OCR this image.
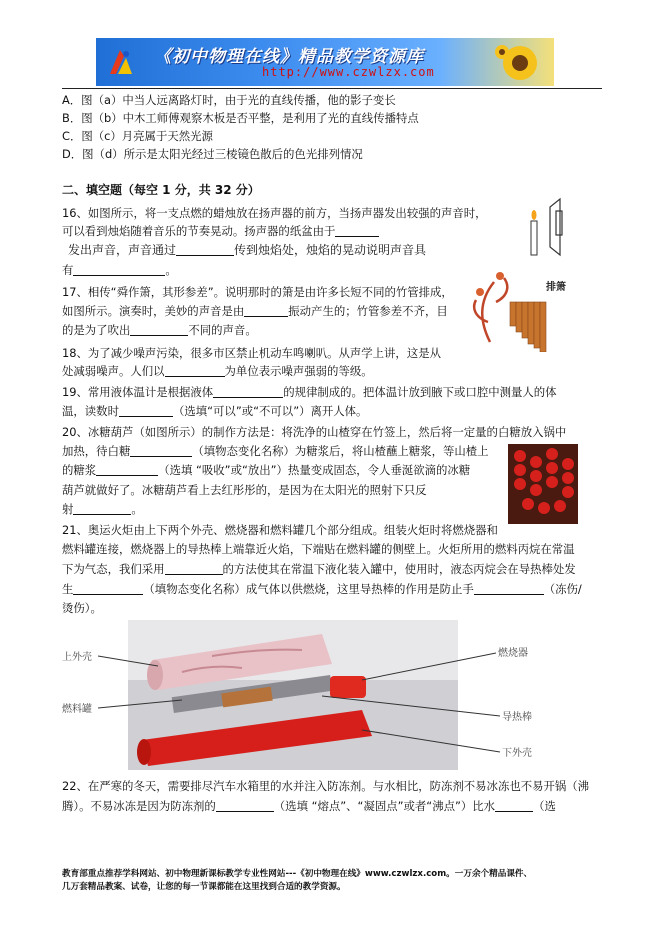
《初中物理在线》精品教学资源库
http://www.czwlzx.com
A．图（a）中当人远离路灯时，由于光的直线传播，他的影子变长
B．图（b）中木工师傅观察木板是否平整，是利用了光的直线传播特点
C．图（c）月亮属于天然光源
D．图（d）所示是太阳光经过三棱镜色散后的色光排列情况
二、填空题（每空 1 分，共 32 分）
16、如图所示，将一支点燃的蜡烛放在扬声器的前方，当扬声器发出较强的声音时，
可以看到烛焰随着音乐的节奏晃动。扬声器的纸盆由于
发出声音，声音通过	传到烛焰处，烛焰的晃动说明声音具
有	。
17、相传“舜作箫，其形参差”。说明那时的箫是由许多长短不同的竹管排成，
如图所示。演奏时，美妙的声音是由	振动产生的；竹管参差不齐，目
的是为了吹出	不同的声音。
排箫
18、为了减少噪声污染，很多市区禁止机动车鸣喇叭。从声学上讲，这是从
处减弱噪声。人们以	为单位表示噪声强弱的等级。
19、常用液体温计是根据液体	的规律制成的。把体温计放到腋下或口腔中测量人的体
温，读数时	（选填“可以”或“不可以”）离开人体。
20、冰糖葫芦（如图所示）的制作方法是：将洗净的山楂穿在竹签上，然后将一定量的白糖放入锅中
加热，待白糖	（填物态变化名称）为糖浆后，将山楂蘸上糖浆，等山楂上
的糖浆	（选填 “吸收”或“放出”）热量变成固态，令人垂涎欲滴的冰糖
葫芦就做好了。冰糖葫芦看上去红彤彤的，是因为在太阳光的照射下只反
射	。
21、奥运火炬由上下两个外壳、燃烧器和燃料罐几个部分组成。组装火炬时将燃烧器和
燃料罐连接，燃烧器上的导热棒上端靠近火焰，下端贴在燃料罐的侧壁上。火炬所用的燃料丙烷在常温
下为气态，我们采用	的方法使其在常温下液化装入罐中，使用时，液态丙烷会在导热棒处发
生	（填物态变化名称）成气体以供燃烧，这里导热棒的作用是防止手	（冻伤/
烫伤）。
上外壳
燃料罐
燃烧器
导热棒
下外壳
22、在严寒的冬天，需要排尽汽车水箱里的水并注入防冻剂。与水相比，防冻剂不易冰冻也不易开锅（沸
腾）。不易冰冻是因为防冻剂的	（选填 “熔点”、“凝固点”或者“沸点”）比水	（选
教育部重点推荐学科网站、初中物理新课标教学专业性网站---《初中物理在线》www.czwlzx.com。一万余个精品课件、
几万套精品教案、试卷，让您的每一节课都能在这里找到合适的教学资源。
